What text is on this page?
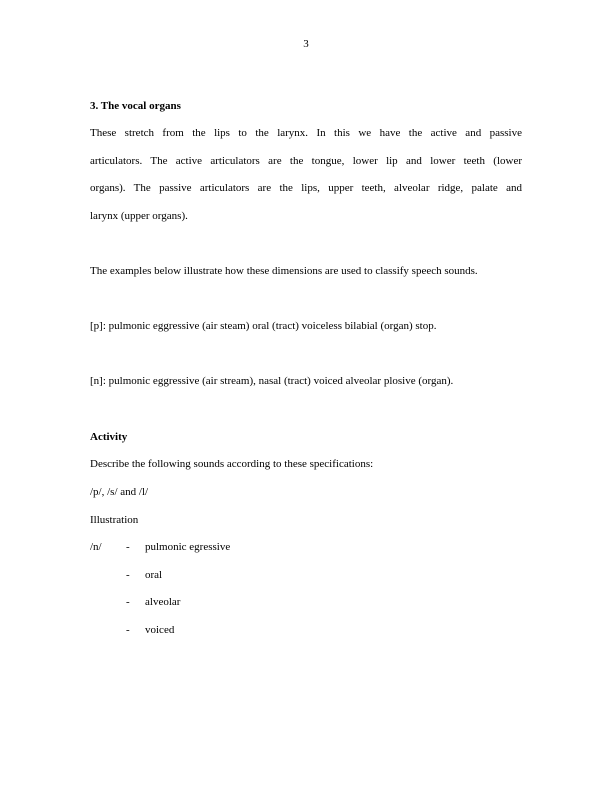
3
3. The vocal organs
These stretch from the lips to the larynx. In this we have the active and passive
articulators. The active articulators are the tongue, lower lip and lower teeth (lower
organs). The passive articulators are the lips, upper teeth, alveolar ridge, palate and
larynx (upper organs).
The examples below illustrate how these dimensions are used to classify speech sounds.
[p]: pulmonic eggressive (air steam) oral (tract) voiceless bilabial (organ) stop.
[n]: pulmonic eggressive (air stream), nasal (tract) voiced alveolar plosive (organ).
Activity
Describe the following sounds according to these specifications:
/p/, /s/ and /l/
Illustration
/n/ - pulmonic egressive
- oral
- alveolar
- voiced
